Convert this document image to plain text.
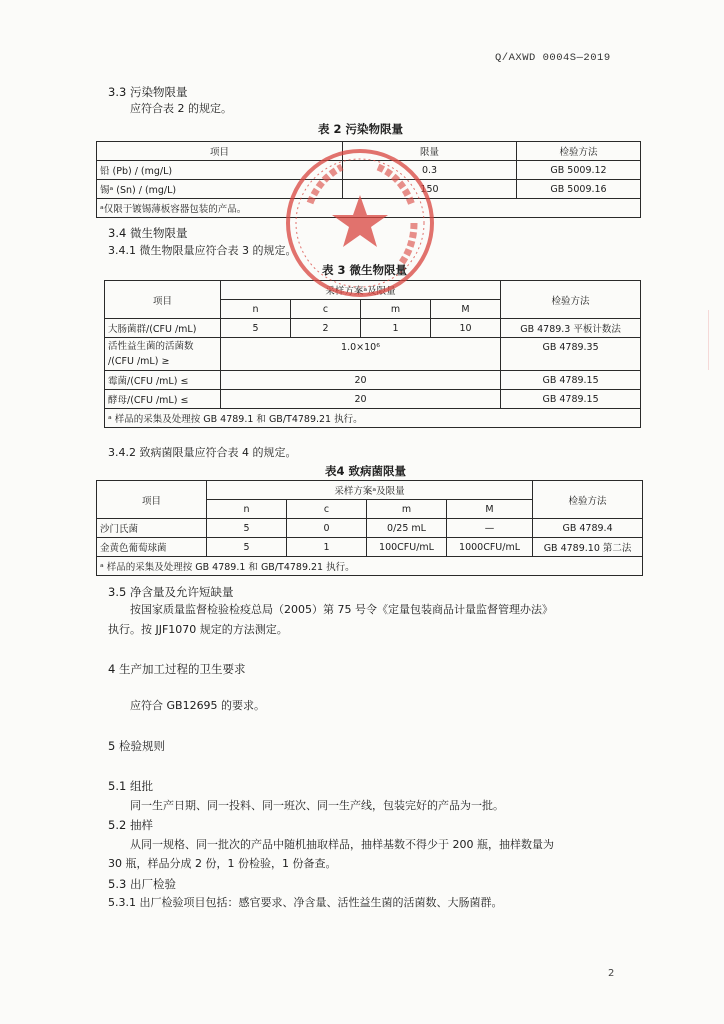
Q/AXWD 0004S—2019
3.3 污染物限量
应符合表 2 的规定。
表 2 污染物限量
项目	限量	检验方法
铅 (Pb) / (mg/L)	0.3	GB 5009.12
锡ᵃ (Sn) / (mg/L)	150	GB 5009.16
ᵃ仅限于镀锡薄板容器包装的产品。		
3.4 微生物限量
3.4.1 微生物限量应符合表 3 的规定。
表 3 微生物限量
项目	采样方案ᵃ及限量				检验方法
	n	c	m	M	
大肠菌群/(CFU /mL)	5	2	1	10	GB 4789.3 平板计数法

活性益生菌的活菌数
/(CFU /mL) ≥	1.0×10⁶				GB 4789.35
霉菌/(CFU /mL) ≤	20				GB 4789.15
酵母/(CFU /mL) ≤	20				GB 4789.15
ᵃ 样品的采集及处理按 GB 4789.1 和 GB/T4789.21 执行。					
3.4.2 致病菌限量应符合表 4 的规定。
表4 致病菌限量
项目	采样方案ᵃ及限量				检验方法
	n	c	m	M	
沙门氏菌	5	0	0/25 mL	—	GB 4789.4
金黄色葡萄球菌	5	1	100CFU/mL	1000CFU/mL	GB 4789.10 第二法
ᵃ 样品的采集及处理按 GB 4789.1 和 GB/T4789.21 执行。					
3.5 净含量及允许短缺量
按国家质量监督检验检疫总局（2005）第 75 号令《定量包装商品计量监督管理办法》
执行。按 JJF1070 规定的方法测定。
4 生产加工过程的卫生要求
应符合 GB12695 的要求。
5 检验规则
5.1 组批
同一生产日期、同一投料、同一班次、同一生产线，包装完好的产品为一批。
5.2 抽样
从同一规格、同一批次的产品中随机抽取样品，抽样基数不得少于 200 瓶，抽样数量为
30 瓶，样品分成 2 份，1 份检验，1 份备查。
5.3 出厂检验
5.3.1 出厂检验项目包括：感官要求、净含量、活性益生菌的活菌数、大肠菌群。
2
